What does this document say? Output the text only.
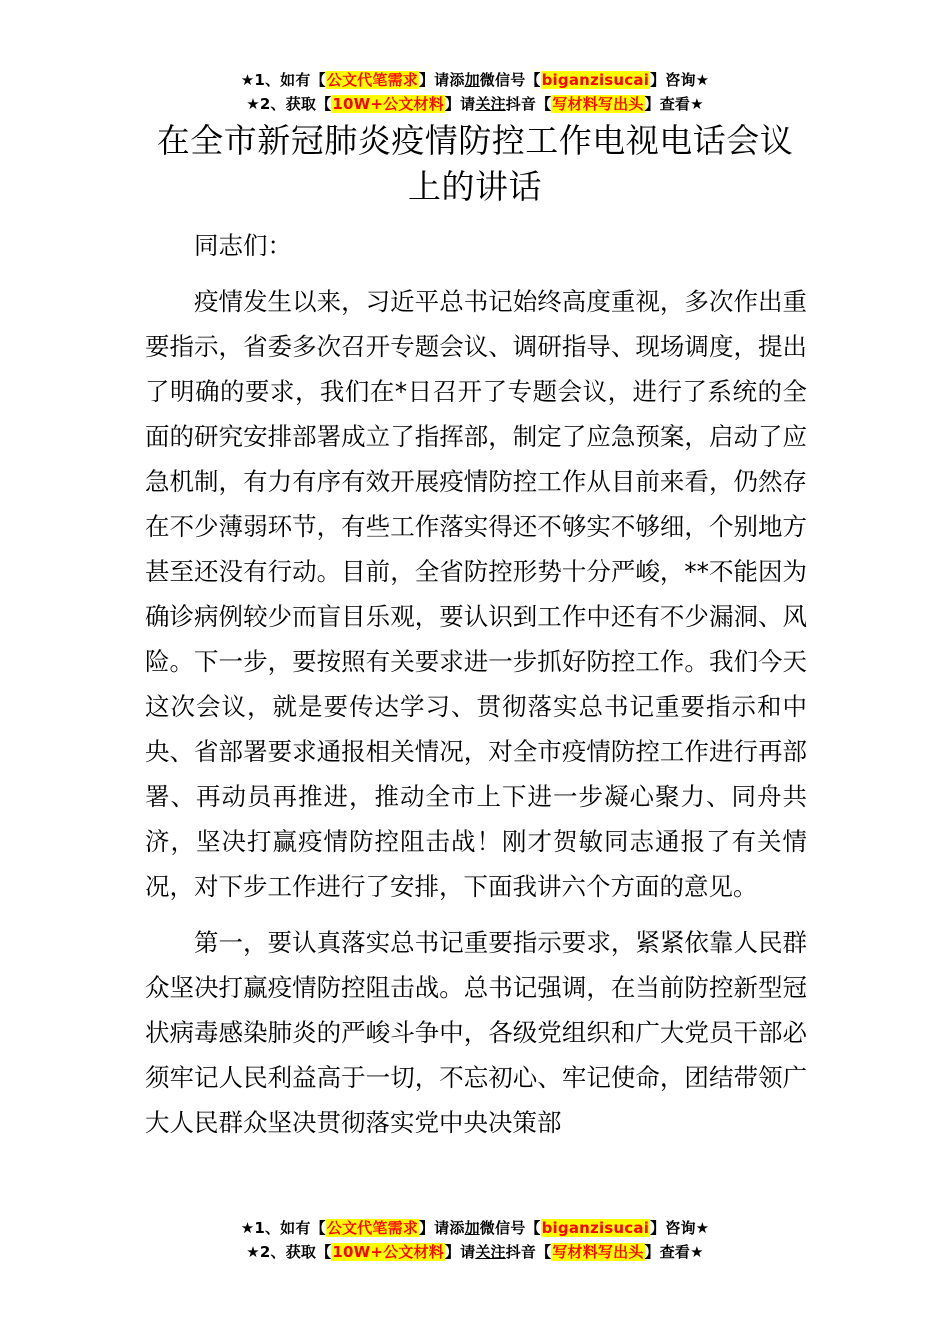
★1、如有【公文代笔需求】请添加微信号【biganzisucai】咨询★
★2、获取【10W+公文材料】请关注抖音【写材料写出头】查看★
在全市新冠肺炎疫情防控工作电视电话会议上的讲话

同志们：

疫情发生以来，习近平总书记始终高度重视，多次作出重要指示，省委多次召开专题会议、调研指导、现场调度，提出了明确的要求，我们在*日召开了专题会议，进行了系统的全面的研究安排部署成立了指挥部，制定了应急预案，启动了应急机制，有力有序有效开展疫情防控工作从目前来看，仍然存在不少薄弱环节，有些工作落实得还不够实不够细，个别地方甚至还没有行动。目前，全省防控形势十分严峻，**不能因为确诊病例较少而盲目乐观，要认识到工作中还有不少漏洞、风险。下一步，要按照有关要求进一步抓好防控工作。我们今天这次会议，就是要传达学习、贯彻落实总书记重要指示和中央、省部署要求通报相关情况，对全市疫情防控工作进行再部署、再动员再推进，推动全市上下进一步凝心聚力、同舟共济，坚决打赢疫情防控阻击战！刚才贺敏同志通报了有关情况，对下步工作进行了安排，下面我讲六个方面的意见。

第一，要认真落实总书记重要指示要求，紧紧依靠人民群众坚决打赢疫情防控阻击战。总书记强调，在当前防控新型冠状病毒感染肺炎的严峻斗争中，各级党组织和广大党员干部必须牢记人民利益高于一切，不忘初心、牢记使命，团结带领广大人民群众坚决贯彻落实党中央决策部

★1、如有【公文代笔需求】请添加微信号【biganzisucai】咨询★
★2、获取【10W+公文材料】请关注抖音【写材料写出头】查看★
